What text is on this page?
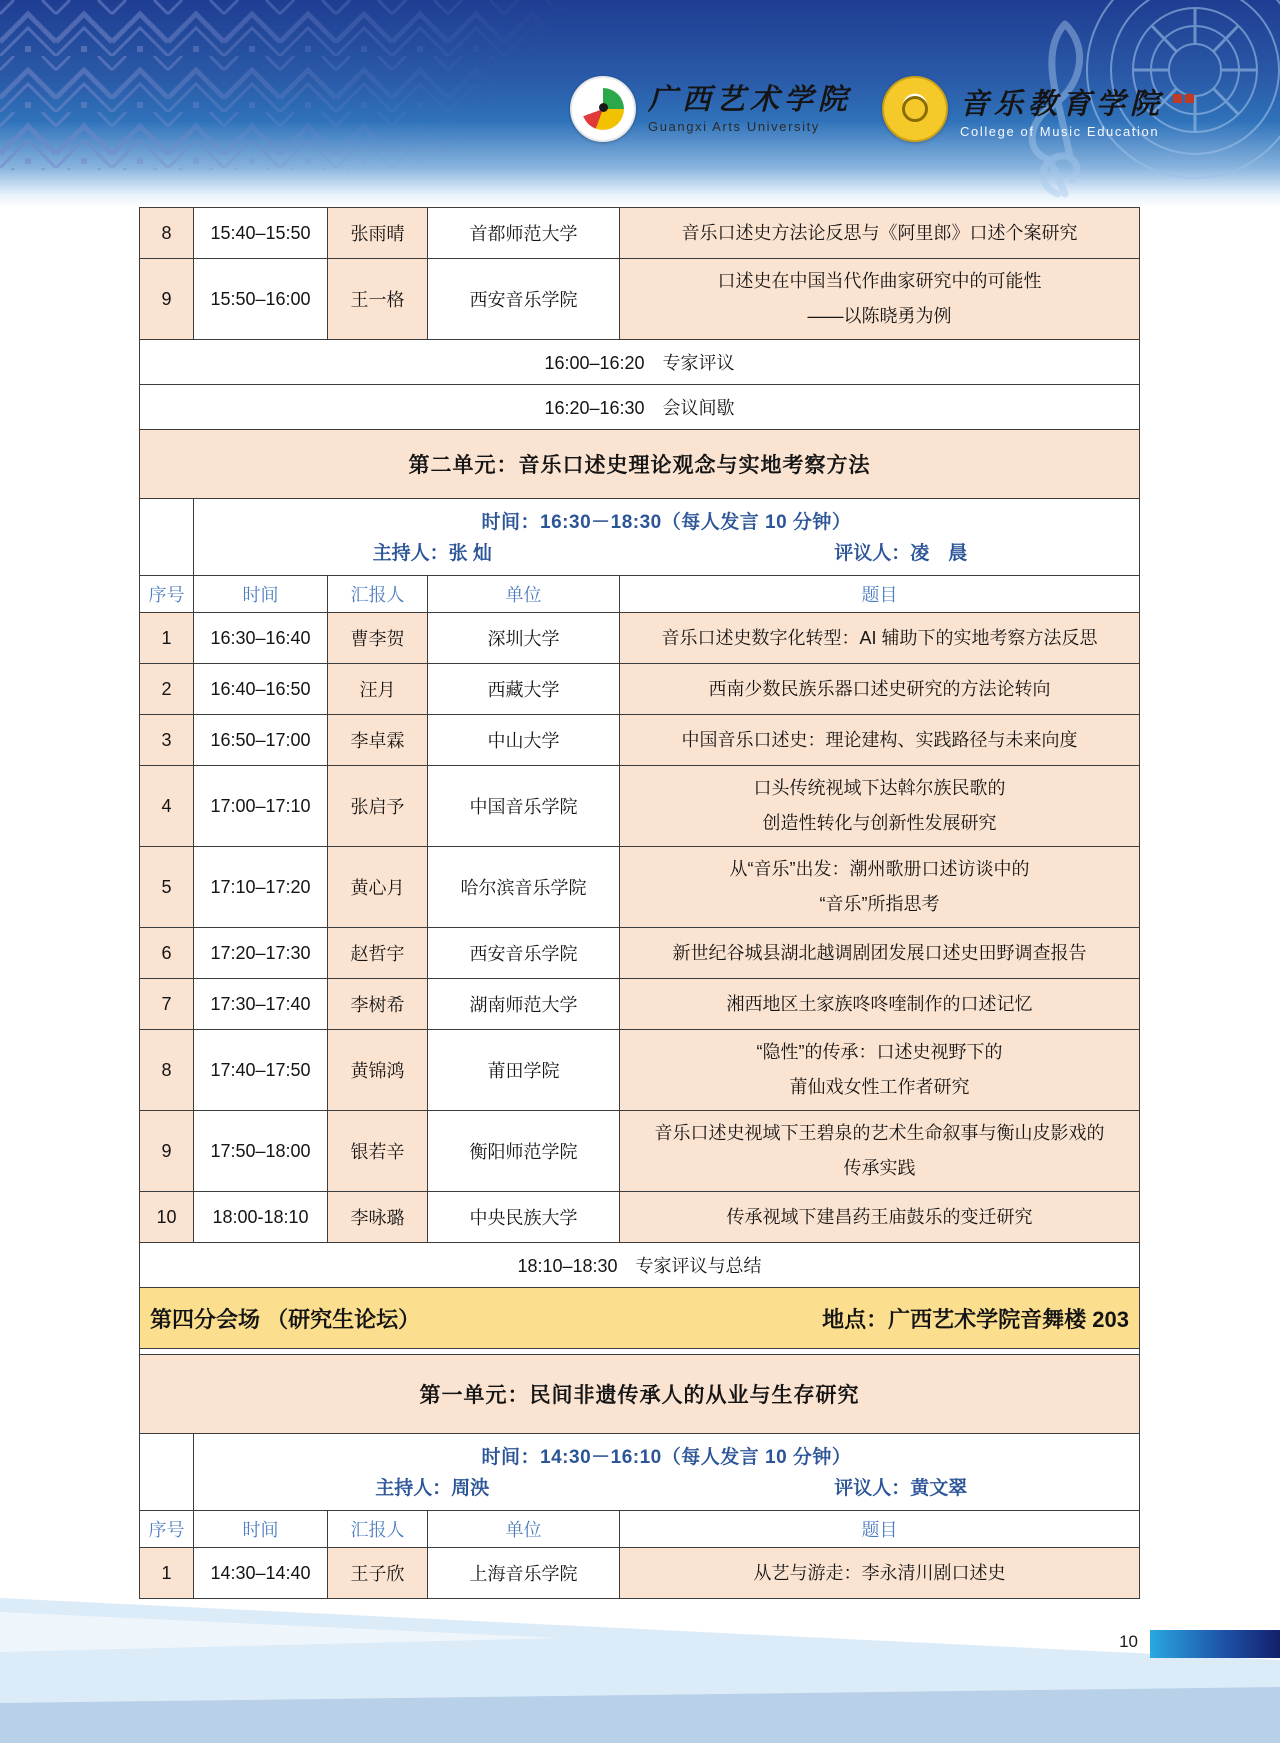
广西艺术学院
Guangxi Arts University
音乐教育学院
College of Music Education
8	15:40–15:50	张雨晴	首都师范大学	音乐口述史方法论反思与《阿里郎》口述个案研究

9	15:50–16:00	王一格	西安音乐学院	口述史在中国当代作曲家研究中的可能性
——以陈晓勇为例

16:00–16:20　专家评议				
16:20–16:30　会议间歇				
第二单元：音乐口述史理论观念与实地考察方法				

	时间：16:30－18:30（每人发言 10 分钟）
主持人：张 灿 评议人：凌　晨			

序号	时间	汇报人	单位	题目
1	16:30–16:40	曹李贺	深圳大学	音乐口述史数字化转型：AI 辅助下的实地考察方法反思

2	16:40–16:50	汪月	西藏大学	西南少数民族乐器口述史研究的方法论转向

3	16:50–17:00	李卓霖	中山大学	中国音乐口述史：理论建构、实践路径与未来向度

4	17:00–17:10	张启予	中国音乐学院	口头传统视域下达斡尔族民歌的
创造性转化与创新性发展研究

5	17:10–17:20	黄心月	哈尔滨音乐学院	从“音乐”出发：潮州歌册口述访谈中的
“音乐”所指思考

6	17:20–17:30	赵哲宇	西安音乐学院	新世纪谷城县湖北越调剧团发展口述史田野调查报告

7	17:30–17:40	李树希	湖南师范大学	湘西地区土家族咚咚喹制作的口述记忆

8	17:40–17:50	黄锦鸿	莆田学院	“隐性”的传承：口述史视野下的
莆仙戏女性工作者研究

9	17:50–18:00	银若辛	衡阳师范学院	音乐口述史视域下王碧泉的艺术生命叙事与衡山皮影戏的
传承实践

10	18:00-18:10	李咏璐	中央民族大学	传承视域下建昌药王庙鼓乐的变迁研究

18:10–18:30　专家评议与总结				

第四分会场 （研究生论坛） 地点：广西艺术学院音舞楼 203				

第一单元：民间非遗传承人的从业与生存研究				

	时间：14:30－16:10（每人发言 10 分钟）
主持人：周泱 评议人：黄文翠			

序号	时间	汇报人	单位	题目
1	14:30–14:40	王子欣	上海音乐学院	从艺与游走：李永清川剧口述史
10
